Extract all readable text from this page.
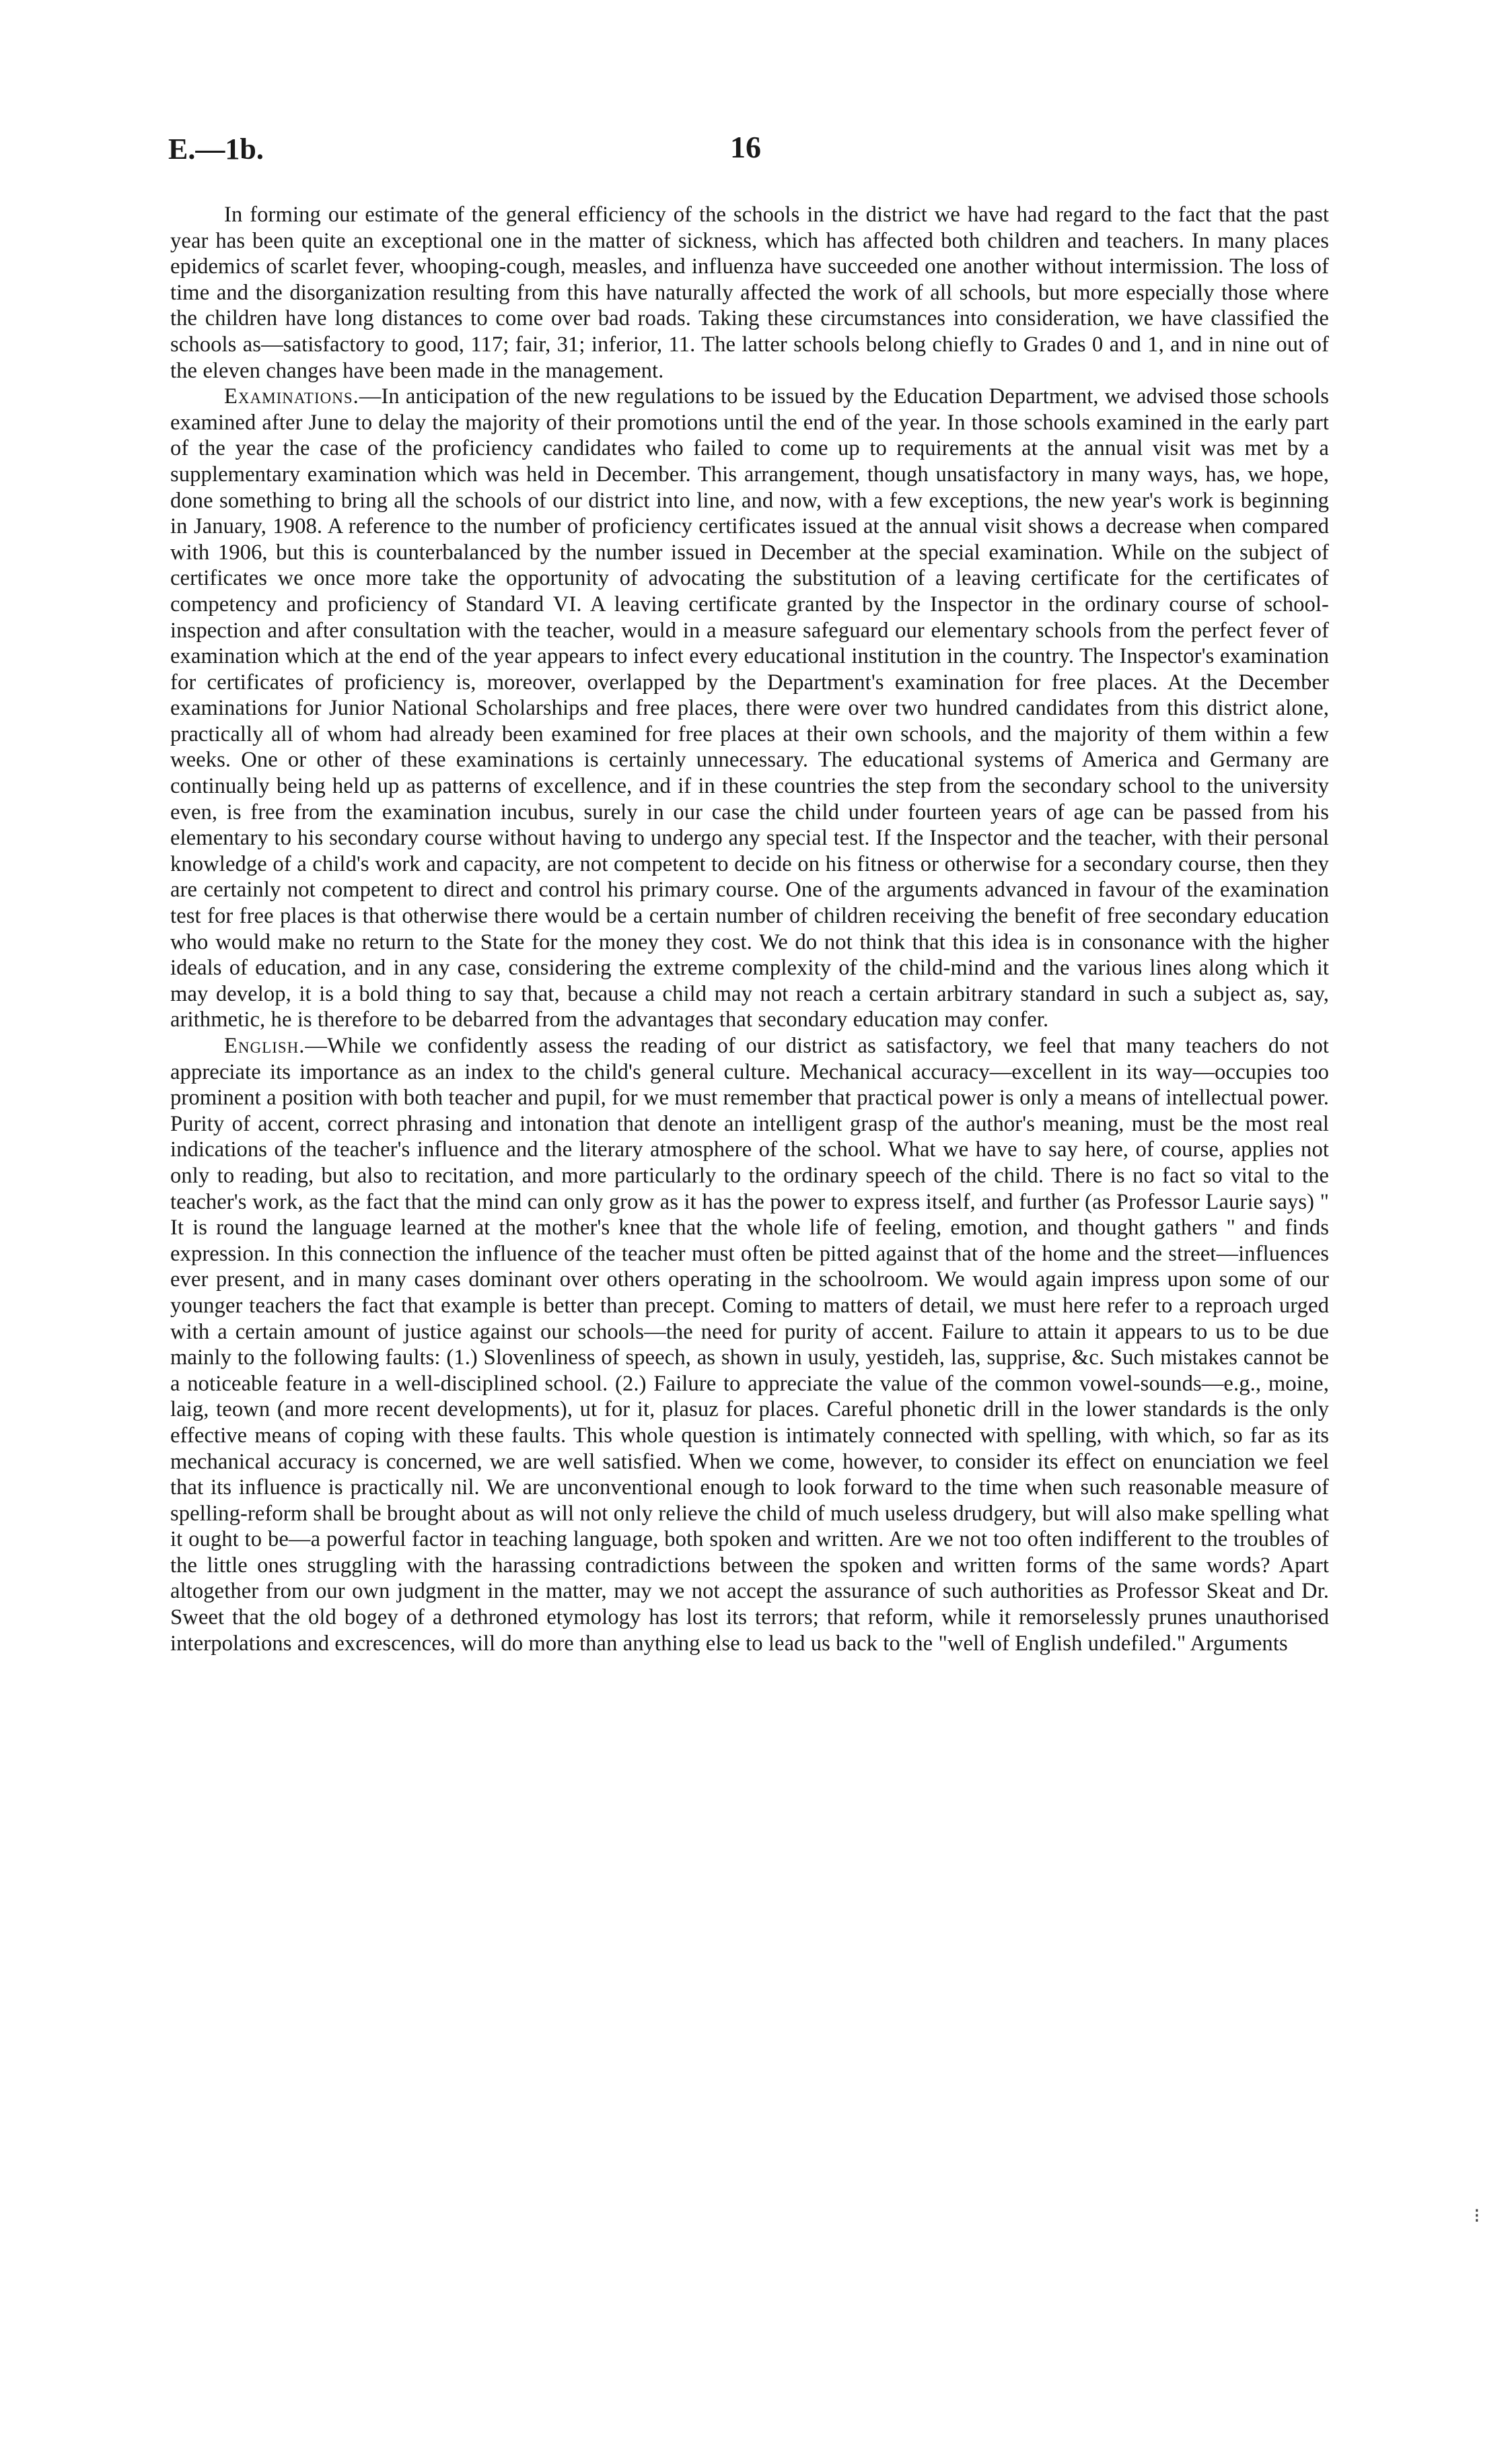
E.—1b.	16

In forming our estimate of the general efficiency of the schools in the district we have had regard to the fact that the past year has been quite an exceptional one in the matter of sickness, which has affected both children and teachers. In many places epidemics of scarlet fever, whooping-cough, measles, and influenza have succeeded one another without intermission. The loss of time and the disorganization resulting from this have naturally affected the work of all schools, but more especially those where the children have long distances to come over bad roads. Taking these circumstances into consideration, we have classified the schools as—satisfactory to good, 117; fair, 31; inferior, 11. The latter schools belong chiefly to Grades 0 and 1, and in nine out of the eleven changes have been made in the management.

Examinations.—In anticipation of the new regulations to be issued by the Education Department, we advised those schools examined after June to delay the majority of their promotions until the end of the year. In those schools examined in the early part of the year the case of the proficiency candidates who failed to come up to requirements at the annual visit was met by a supplementary examination which was held in December. This arrangement, though unsatisfactory in many ways, has, we hope, done something to bring all the schools of our district into line, and now, with a few exceptions, the new year's work is beginning in January, 1908. A reference to the number of proficiency certificates issued at the annual visit shows a decrease when compared with 1906, but this is counterbalanced by the number issued in December at the special examination. While on the subject of certificates we once more take the opportunity of advocating the substitution of a leaving certificate for the certificates of competency and proficiency of Standard VI. A leaving certificate granted by the Inspector in the ordinary course of school-inspection and after consultation with the teacher, would in a measure safeguard our elementary schools from the perfect fever of examination which at the end of the year appears to infect every educational institution in the country. The Inspector's examination for certificates of proficiency is, moreover, overlapped by the Department's examination for free places. At the December examinations for Junior National Scholarships and free places, there were over two hundred candidates from this district alone, practically all of whom had already been examined for free places at their own schools, and the majority of them within a few weeks. One or other of these examinations is certainly unnecessary. The educational systems of America and Germany are continually being held up as patterns of excellence, and if in these countries the step from the secondary school to the university even, is free from the examination incubus, surely in our case the child under fourteen years of age can be passed from his elementary to his secondary course without having to undergo any special test. If the Inspector and the teacher, with their personal knowledge of a child's work and capacity, are not competent to decide on his fitness or otherwise for a secondary course, then they are certainly not competent to direct and control his primary course. One of the arguments advanced in favour of the examination test for free places is that otherwise there would be a certain number of children receiving the benefit of free secondary education who would make no return to the State for the money they cost. We do not think that this idea is in consonance with the higher ideals of education, and in any case, considering the extreme complexity of the child-mind and the various lines along which it may develop, it is a bold thing to say that, because a child may not reach a certain arbitrary standard in such a subject as, say, arithmetic, he is therefore to be debarred from the advantages that secondary education may confer.

English.—While we confidently assess the reading of our district as satisfactory, we feel that many teachers do not appreciate its importance as an index to the child's general culture. Mechanical accuracy—excellent in its way—occupies too prominent a position with both teacher and pupil, for we must remember that practical power is only a means of intellectual power. Purity of accent, correct phrasing and intonation that denote an intelligent grasp of the author's meaning, must be the most real indications of the teacher's influence and the literary atmosphere of the school. What we have to say here, of course, applies not only to reading, but also to recitation, and more particularly to the ordinary speech of the child. There is no fact so vital to the teacher's work, as the fact that the mind can only grow as it has the power to express itself, and further (as Professor Laurie says) " It is round the language learned at the mother's knee that the whole life of feeling, emotion, and thought gathers " and finds expression. In this connection the influence of the teacher must often be pitted against that of the home and the street—influences ever present, and in many cases dominant over others operating in the schoolroom. We would again impress upon some of our younger teachers the fact that example is better than precept. Coming to matters of detail, we must here refer to a reproach urged with a certain amount of justice against our schools—the need for purity of accent. Failure to attain it appears to us to be due mainly to the following faults: (1.) Slovenliness of speech, as shown in usuly, yestideh, las, supprise, &c. Such mistakes cannot be a noticeable feature in a well-disciplined school. (2.) Failure to appreciate the value of the common vowel-sounds—e.g., moine, laig, teown (and more recent developments), ut for it, plasuz for places. Careful phonetic drill in the lower standards is the only effective means of coping with these faults. This whole question is intimately connected with spelling, with which, so far as its mechanical accuracy is concerned, we are well satisfied. When we come, however, to consider its effect on enunciation we feel that its influence is practically nil. We are unconventional enough to look forward to the time when such reasonable measure of spelling-reform shall be brought about as will not only relieve the child of much useless drudgery, but will also make spelling what it ought to be—a powerful factor in teaching language, both spoken and written. Are we not too often indifferent to the troubles of the little ones struggling with the harassing contradictions between the spoken and written forms of the same words? Apart altogether from our own judgment in the matter, may we not accept the assurance of such authorities as Professor Skeat and Dr. Sweet that the old bogey of a dethroned etymology has lost its terrors; that reform, while it remorselessly prunes unauthorised interpolations and excrescences, will do more than anything else to lead us back to the "well of English undefiled." Arguments

⁝
